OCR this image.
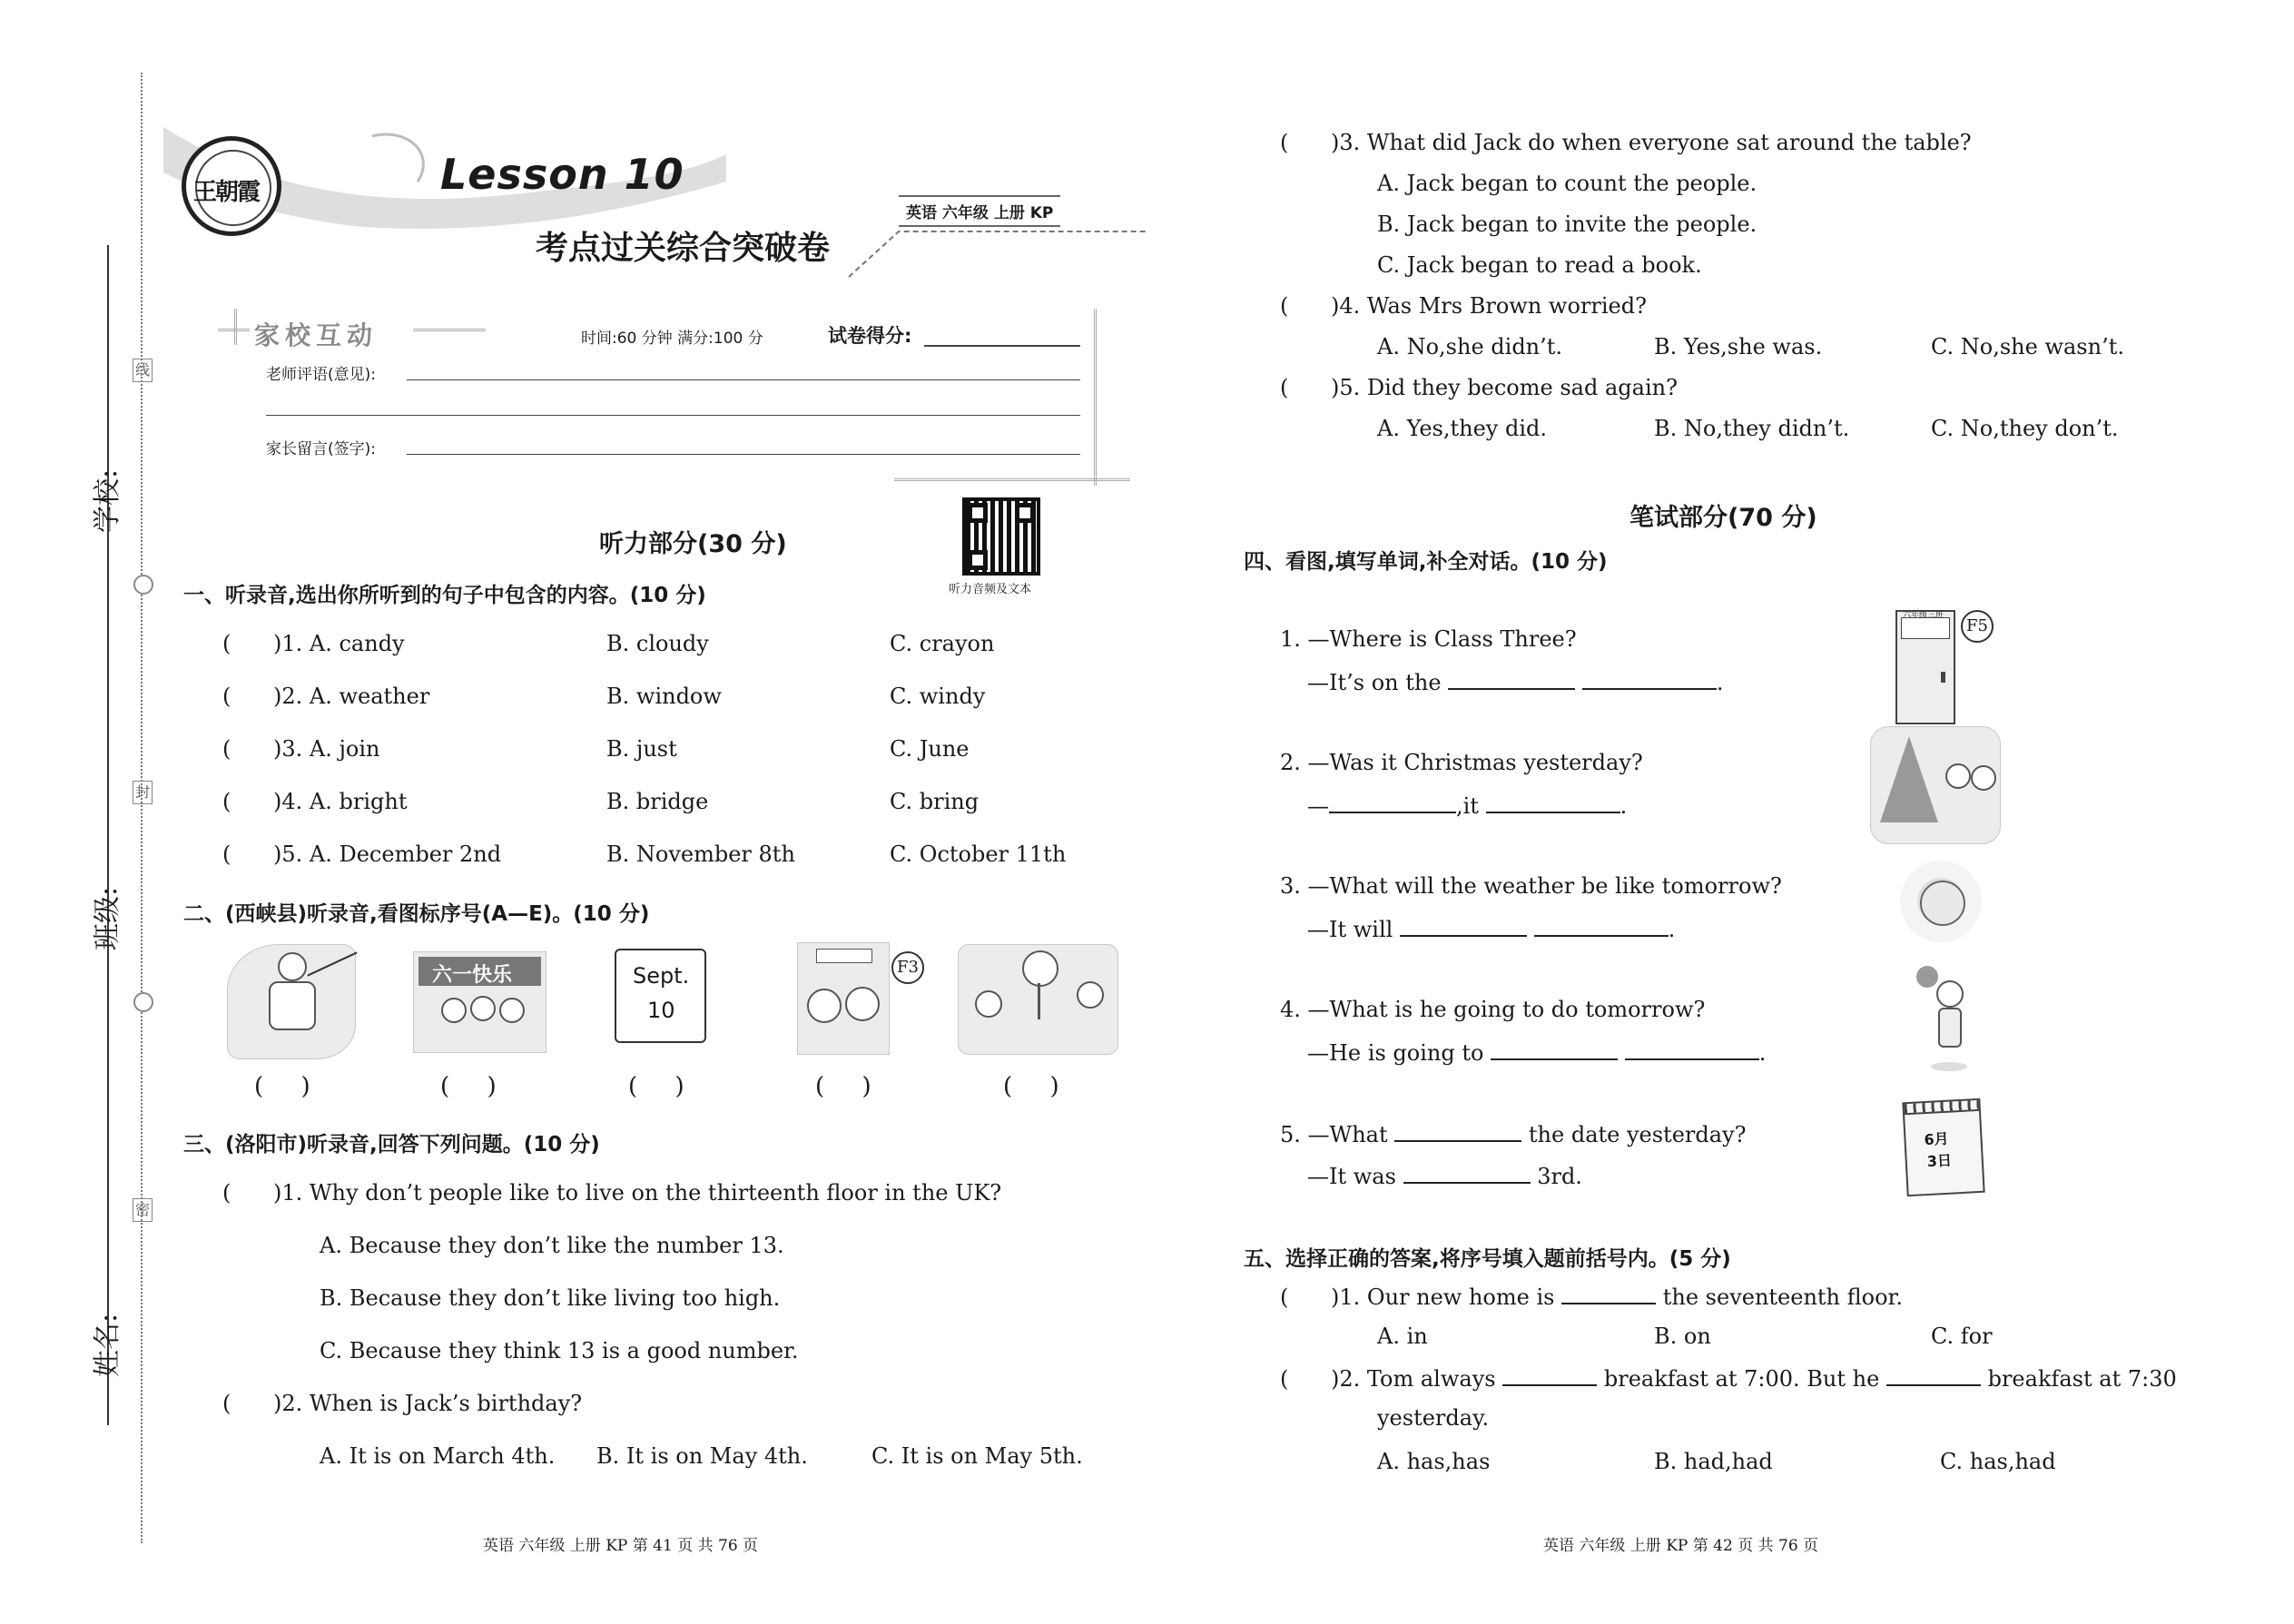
学校:
班级:
姓名:
线
封
密
王朝霞	Lesson 10
考点过关综合突破卷
英语 六年级 上册 KP
家校互动	时间:60 分钟 满分:100 分	试卷得分:
老师评语(意见):
家长留言(签字):
听力部分(30 分)
听力音频及文本
一、听录音,选出你所听到的句子中包含的内容。(10 分)
( )1. A. candy	B. cloudy	C. crayon
( )2. A. weather	B. window	C. windy
( )3. A. join	B. just	C. June
( )4. A. bright	B. bridge	C. bring
( )5. A. December 2nd	B. November 8th	C. October 11th
二、(西峡县)听录音,看图标序号(A—E)。(10 分)
六一快乐	Sept.
10
F3
(     )	(     )	(     )	(     )	(     )
三、(洛阳市)听录音,回答下列问题。(10 分)
( )1. Why don’t people like to live on the thirteenth floor in the UK?
A. Because they don’t like the number 13.
B. Because they don’t like living too high.
C. Because they think 13 is a good number.
( )2. When is Jack’s birthday?
A. It is on March 4th. B. It is on May 4th.	C. It is on May 5th.
英语 六年级 上册 KP 第 41 页 共 76 页
( )3. What did Jack do when everyone sat around the table?
A. Jack began to count the people.
B. Jack began to invite the people.
C. Jack began to read a book.
( )4. Was Mrs Brown worried?
A. No,she didn’t.	B. Yes,she was.	C. No,she wasn’t.
( )5. Did they become sad again?
A. Yes,they did.	B. No,they didn’t.	C. No,they don’t.
笔试部分(70 分)
四、看图,填写单词,补全对话。(10 分)
1. —Where is Class Three?
—It’s on the	.
六年级三班
F5
2. —Was it Christmas yesterday?
—	,it	.
3. —What will the weather be like tomorrow?
—It will	.
4. —What is he going to do tomorrow?
—He is going to	.
5. —What	the date yesterday?
—It was	3rd.
6月
3日
五、选择正确的答案,将序号填入题前括号内。(5 分)
( )1. Our new home is	the seventeenth floor.
A. in	B. on	C. for
( )2. Tom always	breakfast at 7:00. But he	breakfast at 7:30
yesterday.
A. has,has	B. had,had	C. has,had
英语 六年级 上册 KP 第 42 页 共 76 页
